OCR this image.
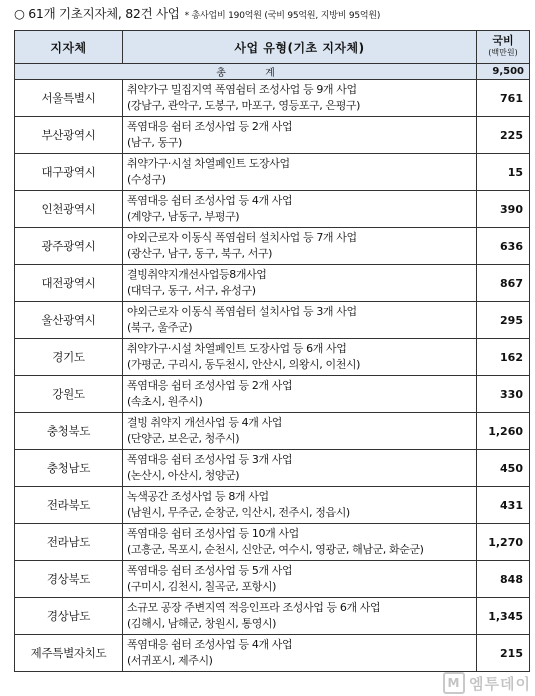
○ 61개 기초지자체, 82건 사업 * 총사업비 190억원 (국비 95억원, 지방비 95억원)
지자체	사업 유형(기초 지자체)	국비
(백만원)

총 계		9,500
서울특별시	취약가구 밀집지역 폭염쉼터 조성사업 등 9개 사업
(강남구, 관악구, 도봉구, 마포구, 영등포구, 은평구)	761
부산광역시	폭염대응 쉼터 조성사업 등 2개 사업
(남구, 동구)	225
대구광역시	취약가구·시설 차열페인트 도장사업
(수성구)	15
인천광역시	폭염대응 쉼터 조성사업 등 4개 사업
(계양구, 남동구, 부평구)	390
광주광역시	야외근로자 이동식 폭염쉼터 설치사업 등 7개 사업
(광산구, 남구, 동구, 북구, 서구)	636
대전광역시	결빙취약지개선사업등8개사업
(대덕구, 동구, 서구, 유성구)	867
울산광역시	야외근로자 이동식 폭염쉼터 설치사업 등 3개 사업
(북구, 울주군)	295
경기도	취약가구·시설 차열페인트 도장사업 등 6개 사업
(가평군, 구리시, 동두천시, 안산시, 의왕시, 이천시)	162
강원도	폭염대응 쉼터 조성사업 등 2개 사업
(속초시, 원주시)	330
충청북도	결빙 취약지 개선사업 등 4개 사업
(단양군, 보은군, 청주시)	1,260
충청남도	폭염대응 쉼터 조성사업 등 3개 사업
(논산시, 아산시, 청양군)	450
전라북도	녹색공간 조성사업 등 8개 사업
(남원시, 무주군, 순창군, 익산시, 전주시, 정읍시)	431
전라남도	폭염대응 쉼터 조성사업 등 10개 사업
(고흥군, 목포시, 순천시, 신안군, 여수시, 영광군, 해남군, 화순군)	1,270
경상북도	폭염대응 쉼터 조성사업 등 5개 사업
(구미시, 김천시, 칠곡군, 포항시)	848
경상남도	소규모 공장 주변지역 적응인프라 조성사업 등 6개 사업
(김해시, 남해군, 창원시, 통영시)	1,345
제주특별자치도	폭염대응 쉼터 조성사업 등 4개 사업
(서귀포시, 제주시)	215
M 엠투데이
